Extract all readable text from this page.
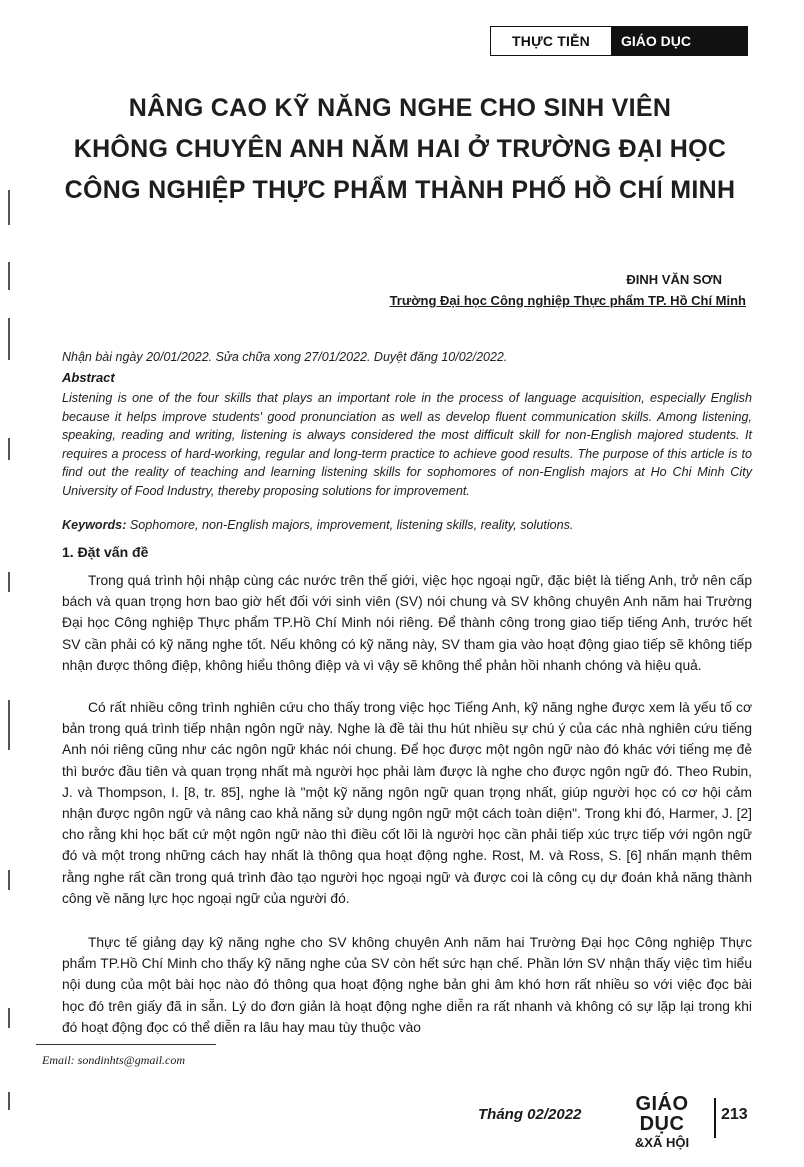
THỰC TIỄN	GIÁO DỤC
NÂNG CAO KỸ NĂNG NGHE CHO SINH VIÊN
KHÔNG CHUYÊN ANH NĂM HAI Ở TRƯỜNG ĐẠI HỌC
CÔNG NGHIỆP THỰC PHẨM THÀNH PHỐ HỒ CHÍ MINH
ĐINH VĂN SƠN
Trường Đại học Công nghiệp Thực phẩm TP. Hồ Chí Minh
Nhận bài ngày 20/01/2022. Sửa chữa xong 27/01/2022. Duyệt đăng 10/02/2022.
Abstract

Listening is one of the four skills that plays an important role in the process of language acquisition, especially English because it helps improve students' good pronunciation as well as develop fluent communication skills. Among listening, speaking, reading and writing, listening is always considered the most difficult skill for non-English majored students. It requires a process of hard-working, regular and long-term practice to achieve good results. The purpose of this article is to find out the reality of teaching and learning listening skills for sophomores of non-English majors at Ho Chi Minh City University of Food Industry, thereby proposing solutions for improvement.

Keywords: Sophomore, non-English majors, improvement, listening skills, reality, solutions.
1. Đặt vấn đề

Trong quá trình hội nhập cùng các nước trên thế giới, việc học ngoại ngữ, đặc biệt là tiếng Anh, trở nên cấp bách và quan trọng hơn bao giờ hết đối với sinh viên (SV) nói chung và SV không chuyên Anh năm hai Trường Đại học Công nghiệp Thực phẩm TP.Hồ Chí Minh nói riêng. Để thành công trong giao tiếp tiếng Anh, trước hết SV cần phải có kỹ năng nghe tốt. Nếu không có kỹ năng này, SV tham gia vào hoạt động giao tiếp sẽ không tiếp nhận được thông điệp, không hiểu thông điệp và vì vậy sẽ không thể phản hồi nhanh chóng và hiệu quả.

Có rất nhiều công trình nghiên cứu cho thấy trong việc học Tiếng Anh, kỹ năng nghe được xem là yếu tố cơ bản trong quá trình tiếp nhận ngôn ngữ này. Nghe là đề tài thu hút nhiều sự chú ý của các nhà nghiên cứu tiếng Anh nói riêng cũng như các ngôn ngữ khác nói chung. Để học được một ngôn ngữ nào đó khác với tiếng mẹ đẻ thì bước đầu tiên và quan trọng nhất mà người học phải làm được là nghe cho được ngôn ngữ đó. Theo Rubin, J. và Thompson, I. [8, tr. 85], nghe là "một kỹ năng ngôn ngữ quan trọng nhất, giúp người học có cơ hội cảm nhận được ngôn ngữ và nâng cao khả năng sử dụng ngôn ngữ một cách toàn diện". Trong khi đó, Harmer, J. [2] cho rằng khi học bất cứ một ngôn ngữ nào thì điều cốt lõi là người học cần phải tiếp xúc trực tiếp với ngôn ngữ đó và một trong những cách hay nhất là thông qua hoạt động nghe. Rost, M. và Ross, S. [6] nhấn mạnh thêm rằng nghe rất cần trong quá trình đào tạo người học ngoại ngữ và được coi là công cụ dự đoán khả năng thành công về năng lực học ngoại ngữ của người đó.

Thực tế giảng dạy kỹ năng nghe cho SV không chuyên Anh năm hai Trường Đại học Công nghiệp Thực phẩm TP.Hồ Chí Minh cho thấy kỹ năng nghe của SV còn hết sức hạn chế. Phần lớn SV nhận thấy việc tìm hiểu nội dung của một bài học nào đó thông qua hoạt động nghe bản ghi âm khó hơn rất nhiều so với việc đọc bài học đó trên giấy đã in sẵn. Lý do đơn giản là hoạt động nghe diễn ra rất nhanh và không có sự lặp lại trong khi đó hoạt động đọc có thể diễn ra lâu hay mau tùy thuộc vào

Email: sondinhts@gmail.com
Tháng 02/2022	GIÁO DỤC
&XÃ HỘI
213
